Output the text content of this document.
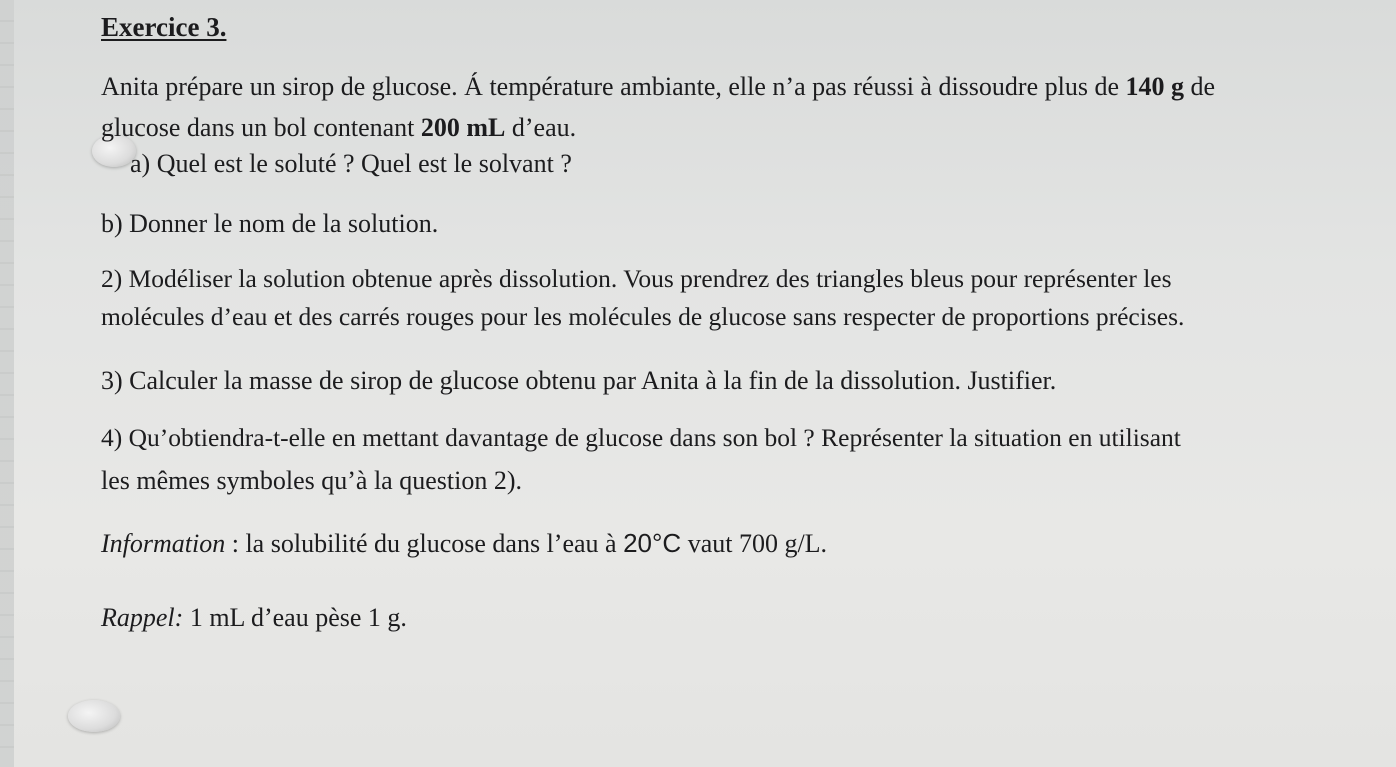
Exercice 3.
Anita prépare un sirop de glucose. Á température ambiante, elle n’a pas réussi à dissoudre plus de 140 g de
glucose dans un bol contenant 200 mL d’eau.
a) Quel est le soluté ? Quel est le solvant ?
b) Donner le nom de la solution.
2) Modéliser la solution obtenue après dissolution. Vous prendrez des triangles bleus pour représenter les
molécules d’eau et des carrés rouges pour les molécules de glucose sans respecter de proportions précises.
3) Calculer la masse de sirop de glucose obtenu par Anita à la fin de la dissolution. Justifier.
4) Qu’obtiendra-t-elle en mettant davantage de glucose dans son bol ? Représenter la situation en utilisant
les mêmes symboles qu’à la question 2).
Information : la solubilité du glucose dans l’eau à 20°C vaut 700 g/L.
Rappel: 1 mL d’eau pèse 1 g.
